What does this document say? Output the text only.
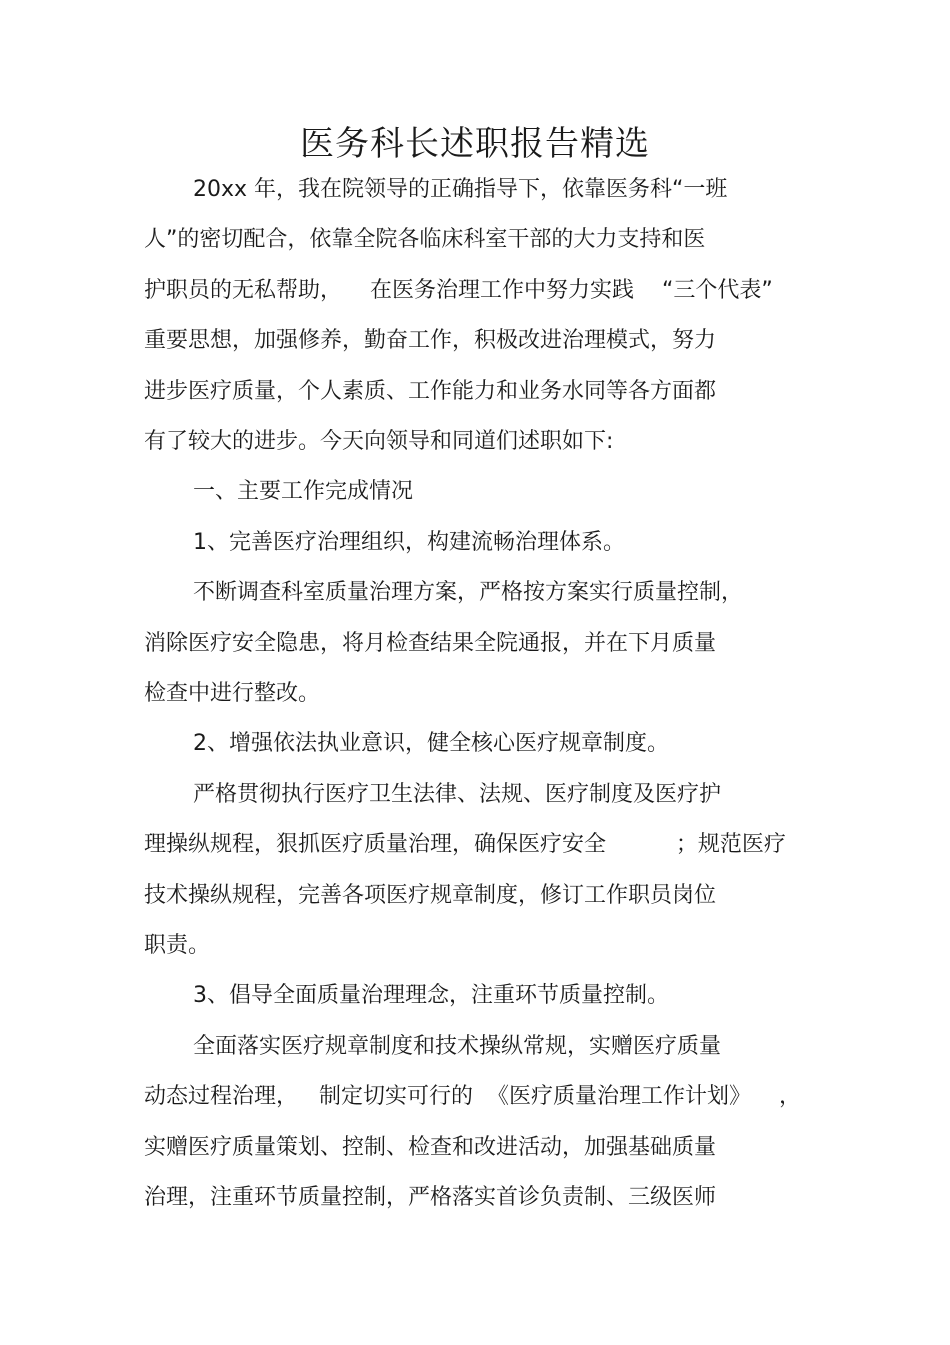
医务科长述职报告精选
20xx 年，我在院领导的正确指导下，依靠医务科“一班
人”的密切配合，依靠全院各临床科室干部的大力支持和医
护职员的无私帮助，    在医务治理工作中努力实践    “三个代表”
重要思想，加强修养，勤奋工作，积极改进治理模式，努力
进步医疗质量，个人素质、工作能力和业务水同等各方面都
有了较大的进步。今天向领导和同道们述职如下:
一、主要工作完成情况
1、完善医疗治理组织，构建流畅治理体系。
不断调查科室质量治理方案，严格按方案实行质量控制，
消除医疗安全隐患，将月检查结果全院通报，并在下月质量
检查中进行整改。
2、增强依法执业意识，健全核心医疗规章制度。
严格贯彻执行医疗卫生法律、法规、医疗制度及医疗护
理操纵规程，狠抓医疗质量治理，确保医疗安全          ；规范医疗
技术操纵规程，完善各项医疗规章制度，修订工作职员岗位
职责。
3、倡导全面质量治理理念，注重环节质量控制。
全面落实医疗规章制度和技术操纵常规，实赠医疗质量
动态过程治理，   制定切实可行的  《医疗质量治理工作计划》    ，
实赠医疗质量策划、控制、检查和改进活动，加强基础质量
治理，注重环节质量控制，严格落实首诊负责制、三级医师
